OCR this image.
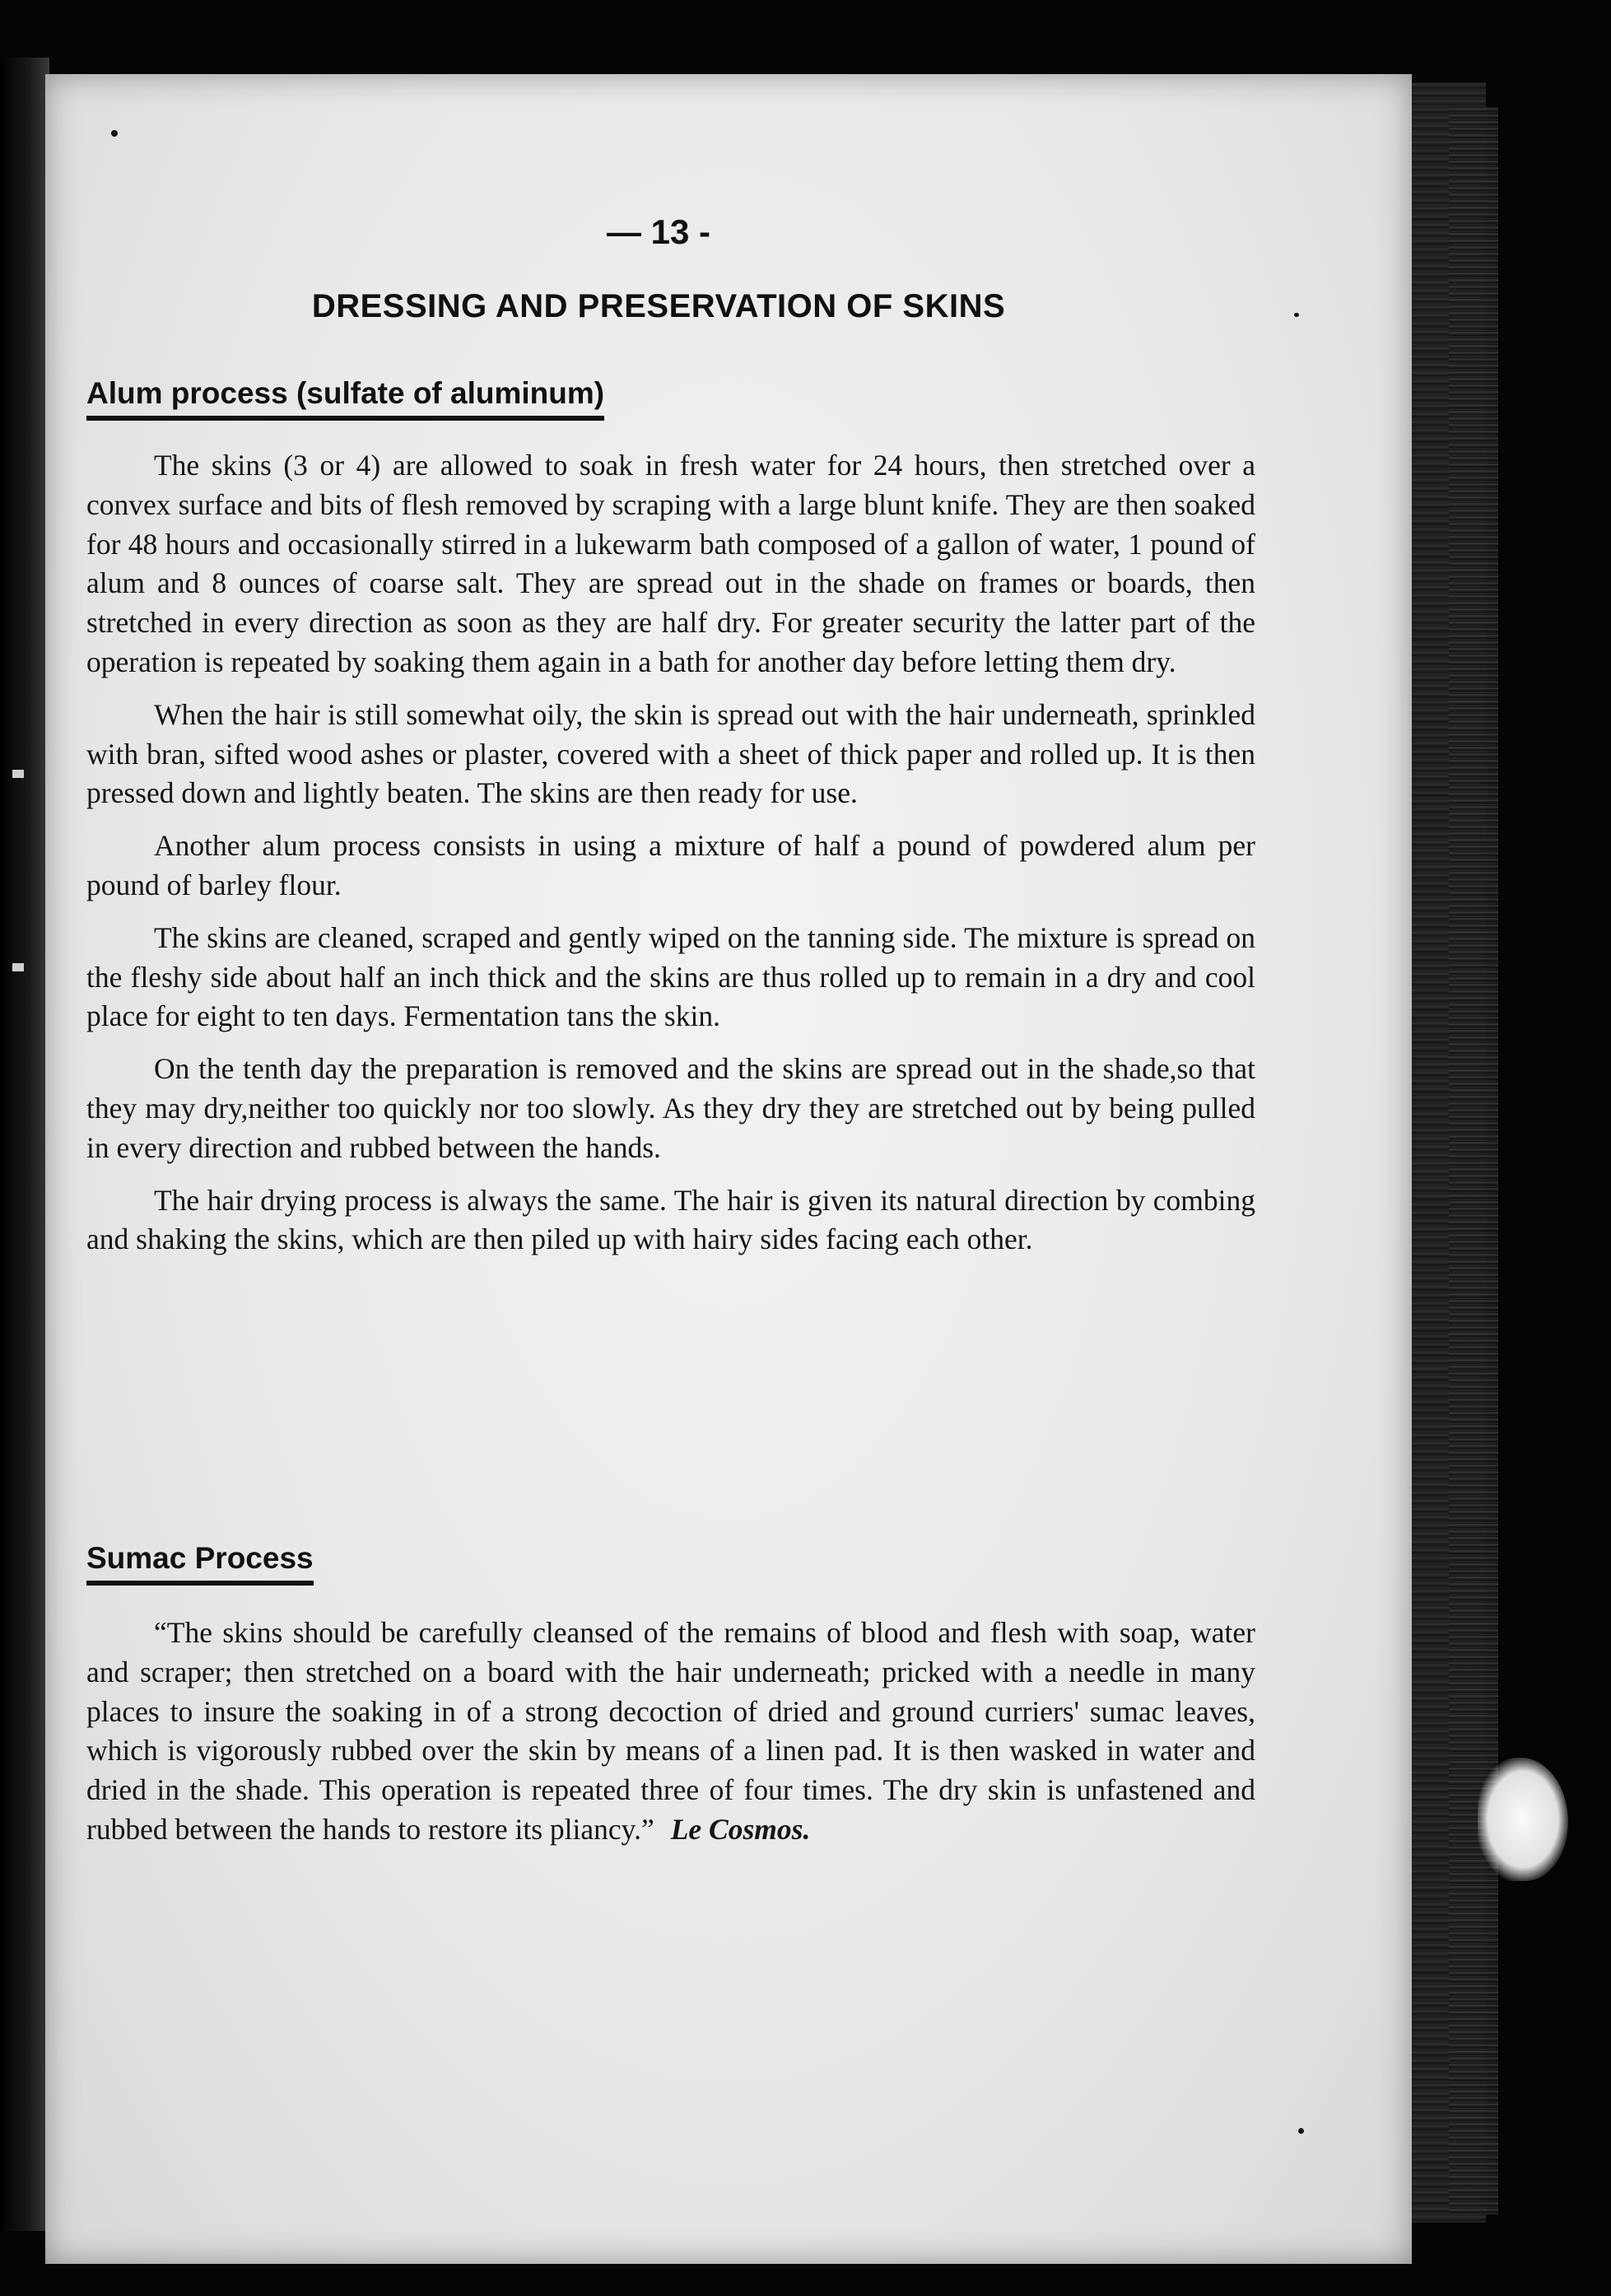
— 13 -
DRESSING AND PRESERVATION OF SKINS
Alum process (sulfate of aluminum)

The skins (3 or 4) are allowed to soak in fresh water for 24 hours, then stretched over a convex surface and bits of flesh removed by scraping with a large blunt knife. They are then soaked for 48 hours and occasionally stirred in a lukewarm bath composed of a gallon of water, 1 pound of alum and 8 ounces of coarse salt. They are spread out in the shade on frames or boards, then stretched in every direction as soon as they are half dry. For greater security the latter part of the operation is repeated by soaking them again in a bath for another day before letting them dry.

When the hair is still somewhat oily, the skin is spread out with the hair underneath, sprinkled with bran, sifted wood ashes or plaster, covered with a sheet of thick paper and rolled up. It is then pressed down and lightly beaten. The skins are then ready for use.

Another alum process consists in using a mixture of half a pound of powdered alum per pound of barley flour.

The skins are cleaned, scraped and gently wiped on the tanning side. The mixture is spread on the fleshy side about half an inch thick and the skins are thus rolled up to remain in a dry and cool place for eight to ten days. Fermentation tans the skin.

On the tenth day the preparation is removed and the skins are spread out in the shade,so that they may dry,neither too quickly nor too slowly. As they dry they are stretched out by being pulled in every direction and rubbed between the hands.

The hair drying process is always the same. The hair is given its natural direction by combing and shaking the skins, which are then piled up with hairy sides facing each other.

Sumac Process

“The skins should be carefully cleansed of the remains of blood and flesh with soap, water and scraper; then stretched on a board with the hair underneath; pricked with a needle in many places to insure the soaking in of a strong decoction of dried and ground curriers' sumac leaves, which is vigorously rubbed over the skin by means of a linen pad. It is then wasked in water and dried in the shade. This operation is repeated three of four times. The dry skin is unfastened and rubbed between the hands to restore its pliancy.” Le Cosmos.
